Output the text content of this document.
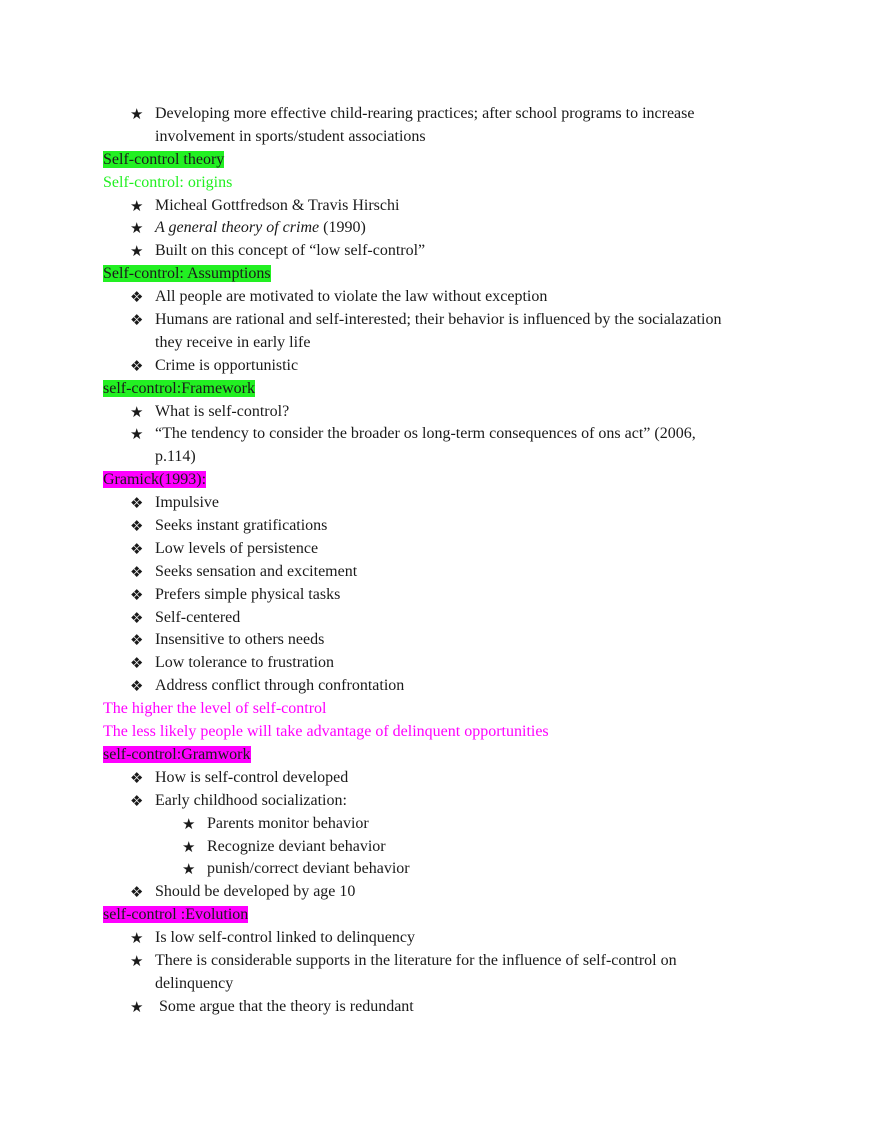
★ Developing more effective child-rearing practices; after school programs to increase
involvement in sports/student associations
Self-control theory
Self-control: origins
★ Micheal Gottfredson & Travis Hirschi
★ A general theory of crime (1990)
★ Built on this concept of “low self-control”
Self-control: Assumptions
❖ All people are motivated to violate the law without exception
❖ Humans are rational and self-interested; their behavior is influenced by the socialazation
they receive in early life
❖ Crime is opportunistic
self-control:Framework
★ What is self-control?
★ “The tendency to consider the broader os long-term consequences of ons act” (2006,
p.114)
Gramick(1993):
❖ Impulsive
❖ Seeks instant gratifications
❖ Low levels of persistence
❖ Seeks sensation and excitement
❖ Prefers simple physical tasks
❖ Self-centered
❖ Insensitive to others needs
❖ Low tolerance to frustration
❖ Address conflict through confrontation
The higher the level of self-control
The less likely people will take advantage of delinquent opportunities
self-control:Gramwork
❖ How is self-control developed
❖ Early childhood socialization:
★ Parents monitor behavior
★ Recognize deviant behavior
★ punish/correct deviant behavior
❖ Should be developed by age 10
self-control :Evolution
★ Is low self-control linked to delinquency
★ There is considerable supports in the literature for the influence of self-control on
delinquency
★ Some argue that the theory is redundant
